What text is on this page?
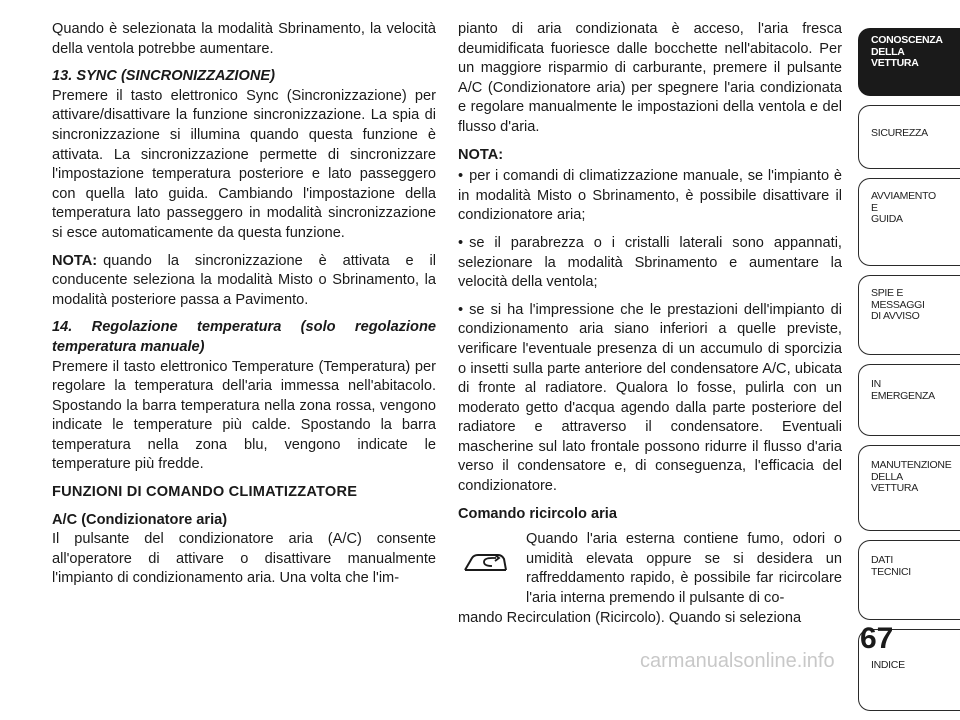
Quando è selezionata la modalità Sbrinamento, la velocità della ventola potrebbe aumentare.

13. SYNC (SINCRONIZZAZIONE)

Premere il tasto elettronico Sync (Sincronizzazione) per attivare/disattivare la funzione sincronizzazione. La spia di sincronizzazione si illumina quando questa funzione è attivata. La sincronizzazione permette di sincronizzare l'impostazione temperatura posteriore e lato passeggero con quella lato guida. Cambiando l'impostazione della temperatura lato passeggero in modalità sincronizzazione si esce automaticamente da questa funzione.

NOTA: quando la sincronizzazione è attivata e il conducente seleziona la modalità Misto o Sbrinamento, la modalità posteriore passa a Pavimento.

14. Regolazione temperatura (solo regolazione temperatura manuale)

Premere il tasto elettronico Temperature (Temperatura) per regolare la temperatura dell'aria immessa nell'abitacolo. Spostando la barra temperatura nella zona rossa, vengono indicate le temperature più calde. Spostando la barra temperatura nella zona blu, vengono indicate le temperature più fredde.

FUNZIONI DI COMANDO CLIMATIZZATORE
A/C (Condizionatore aria)

Il pulsante del condizionatore aria (A/C) consente all'operatore di attivare o disattivare manualmente l'impianto di condizionamento aria. Una volta che l'im-

pianto di aria condizionata è acceso, l'aria fresca deumidificata fuoriesce dalle bocchette nell'abitacolo. Per un maggiore risparmio di carburante, premere il pulsante A/C (Condizionatore aria) per spegnere l'aria condizionata e regolare manualmente le impostazioni della ventola e del flusso d'aria.

NOTA:

• per i comandi di climatizzazione manuale, se l'impianto è in modalità Misto o Sbrinamento, è possibile disattivare il condizionatore aria;

• se il parabrezza o i cristalli laterali sono appannati, selezionare la modalità Sbrinamento e aumentare la velocità della ventola;

• se si ha l'impressione che le prestazioni dell'impianto di condizionamento aria siano inferiori a quelle previste, verificare l'eventuale presenza di un accumulo di sporcizia o insetti sulla parte anteriore del condensatore A/C, ubicata di fronte al radiatore. Qualora lo fosse, pulirla con un moderato getto d'acqua agendo dalla parte posteriore del radiatore e attraverso il condensatore. Eventuali mascherine sul lato frontale possono ridurre il flusso d'aria verso il condensatore e, di conseguenza, l'efficacia del condizionatore.

Comando ricircolo aria
Quando l'aria esterna contiene fumo, odori o umidità elevata oppure se si desidera un raffreddamento rapido, è possibile far ricircolare l'aria interna premendo il pulsante di co-

mando Recirculation (Ricircolo). Quando si seleziona

CONOSCENZA
DELLA
VETTURA
SICUREZZA
AVVIAMENTO
E
GUIDA
SPIE E
MESSAGGI
DI AVVISO
IN
EMERGENZA
MANUTENZIONE
DELLA
VETTURA
DATI
TECNICI
INDICE
67
carmanualsonline.info
